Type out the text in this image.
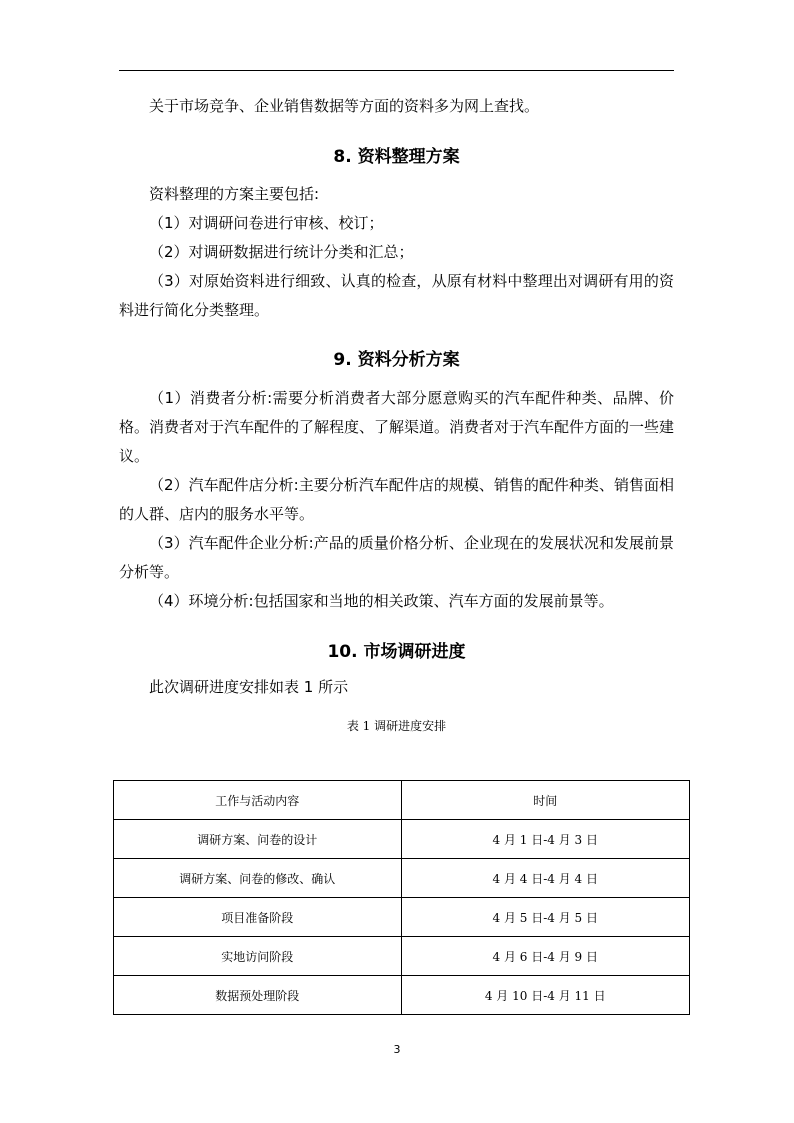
关于市场竞争、企业销售数据等方面的资料多为网上查找。

8. 资料整理方案

资料整理的方案主要包括:

（1）对调研问卷进行审核、校订；

（2）对调研数据进行统计分类和汇总；

（3）对原始资料进行细致、认真的检查，从原有材料中整理出对调研有用的资料进行简化分类整理。

9. 资料分析方案

（1）消费者分析:需要分析消费者大部分愿意购买的汽车配件种类、品牌、价格。消费者对于汽车配件的了解程度、了解渠道。消费者对于汽车配件方面的一些建议。

（2）汽车配件店分析:主要分析汽车配件店的规模、销售的配件种类、销售面相的人群、店内的服务水平等。

（3）汽车配件企业分析:产品的质量价格分析、企业现在的发展状况和发展前景分析等。

（4）环境分析:包括国家和当地的相关政策、汽车方面的发展前景等。

10. 市场调研进度

此次调研进度安排如表 1 所示

表 1 调研进度安排

工作与活动内容	时间
调研方案、问卷的设计	4 月 1 日-4 月 3 日
调研方案、问卷的修改、确认	4 月 4 日-4 月 4 日
项目准备阶段	4 月 5 日-4 月 5 日
实地访问阶段	4 月 6 日-4 月 9 日
数据预处理阶段	4 月 10 日-4 月 11 日
3
